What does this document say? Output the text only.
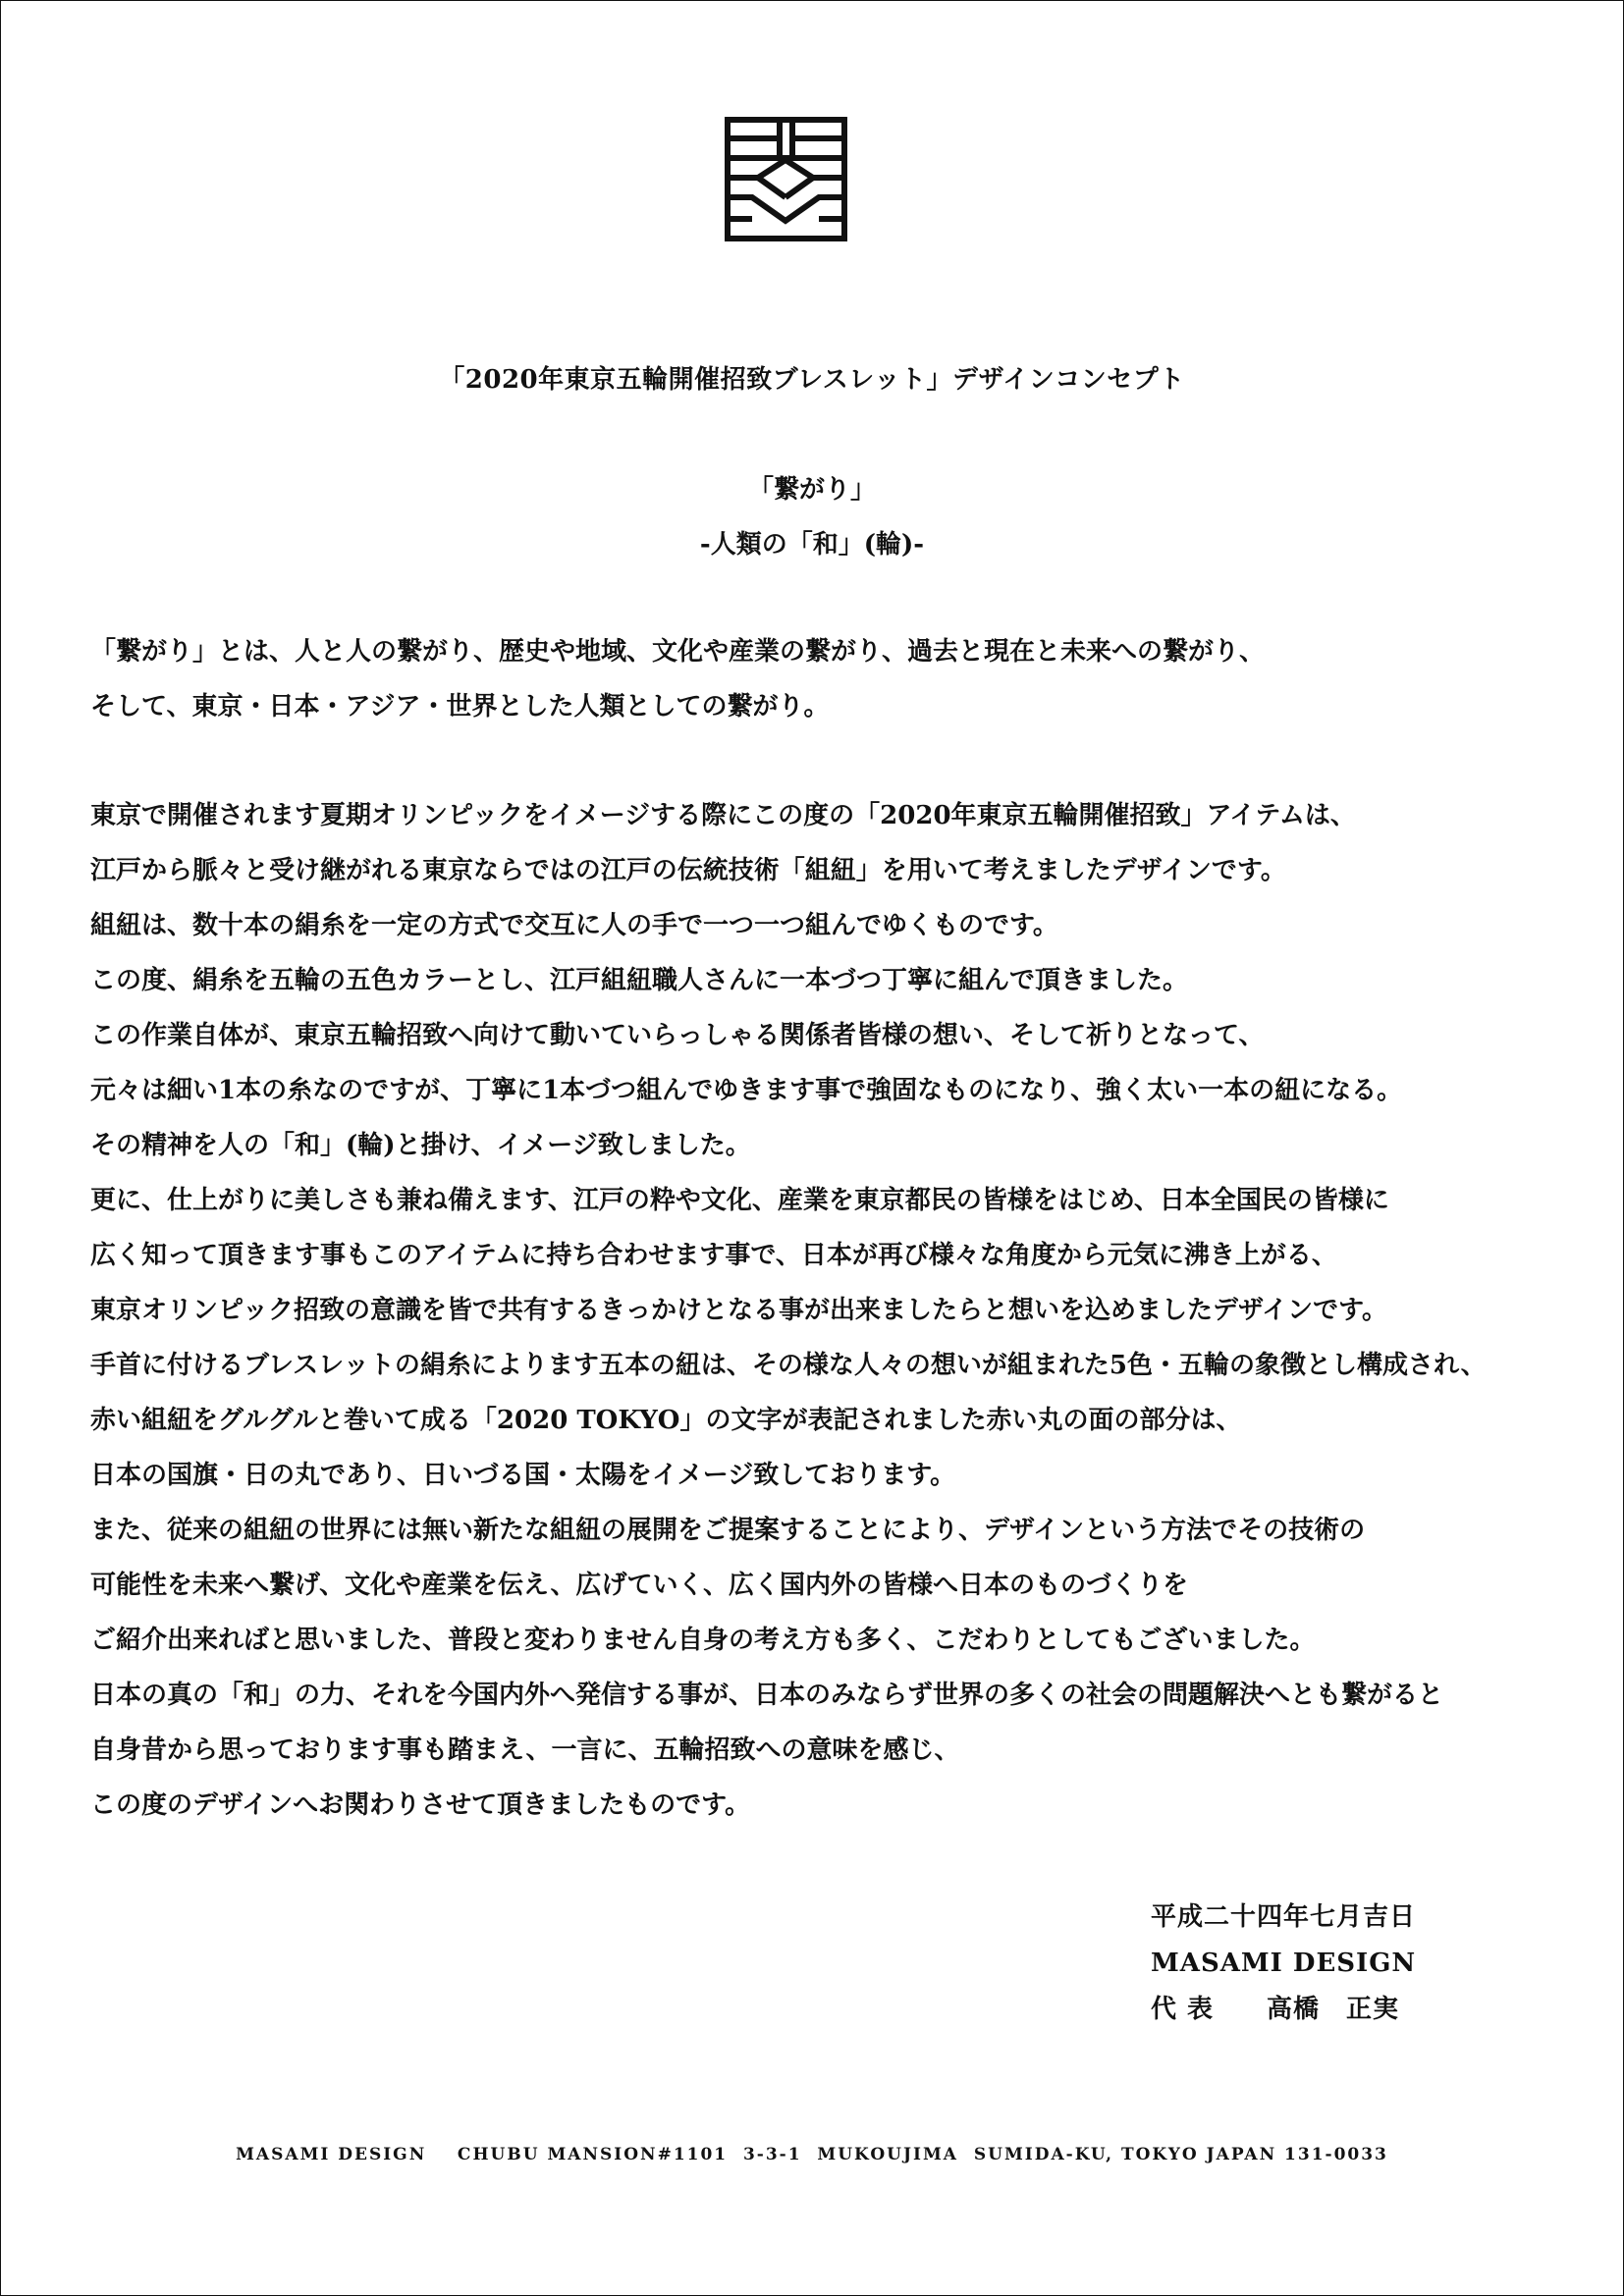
「2020年東京五輪開催招致ブレスレット」デザインコンセプト
「繋がり」
-人類の「和」(輪)-
「繋がり」とは、人と人の繋がり、歴史や地域、文化や産業の繋がり、過去と現在と未来への繋がり、
そして、東京・日本・アジア・世界とした人類としての繋がり。
東京で開催されます夏期オリンピックをイメージする際にこの度の「2020年東京五輪開催招致」アイテムは、
江戸から脈々と受け継がれる東京ならではの江戸の伝統技術「組紐」を用いて考えましたデザインです。
組紐は、数十本の絹糸を一定の方式で交互に人の手で一つ一つ組んでゆくものです。
この度、絹糸を五輪の五色カラーとし、江戸組紐職人さんに一本づつ丁寧に組んで頂きました。
この作業自体が、東京五輪招致へ向けて動いていらっしゃる関係者皆様の想い、そして祈りとなって、
元々は細い1本の糸なのですが、丁寧に1本づつ組んでゆきます事で強固なものになり、強く太い一本の紐になる。
その精神を人の「和」(輪)と掛け、イメージ致しました。
更に、仕上がりに美しさも兼ね備えます、江戸の粋や文化、産業を東京都民の皆様をはじめ、日本全国民の皆様に
広く知って頂きます事もこのアイテムに持ち合わせます事で、日本が再び様々な角度から元気に沸き上がる、
東京オリンピック招致の意識を皆で共有するきっかけとなる事が出来ましたらと想いを込めましたデザインです。
手首に付けるブレスレットの絹糸によります五本の紐は、その様な人々の想いが組まれた5色・五輪の象徴とし構成され、
赤い組紐をグルグルと巻いて成る「2020 TOKYO」の文字が表記されました赤い丸の面の部分は、
日本の国旗・日の丸であり、日いづる国・太陽をイメージ致しております。
また、従来の組紐の世界には無い新たな組紐の展開をご提案することにより、デザインという方法でその技術の
可能性を未来へ繋げ、文化や産業を伝え、広げていく、広く国内外の皆様へ日本のものづくりを
ご紹介出来ればと思いました、普段と変わりません自身の考え方も多く、こだわりとしてもございました。
日本の真の「和」の力、それを今国内外へ発信する事が、日本のみならず世界の多くの社会の問題解決へとも繋がると
自身昔から思っております事も踏まえ、一言に、五輪招致への意味を感じ、
この度のデザインへお関わりさせて頂きましたものです。
平成二十四年七月吉日
MASAMI DESIGN
代 表　　高橋　正実
MASAMI DESIGN    CHUBU MANSION#1101  3-3-1  MUKOUJIMA  SUMIDA-KU, TOKYO JAPAN 131-0033
